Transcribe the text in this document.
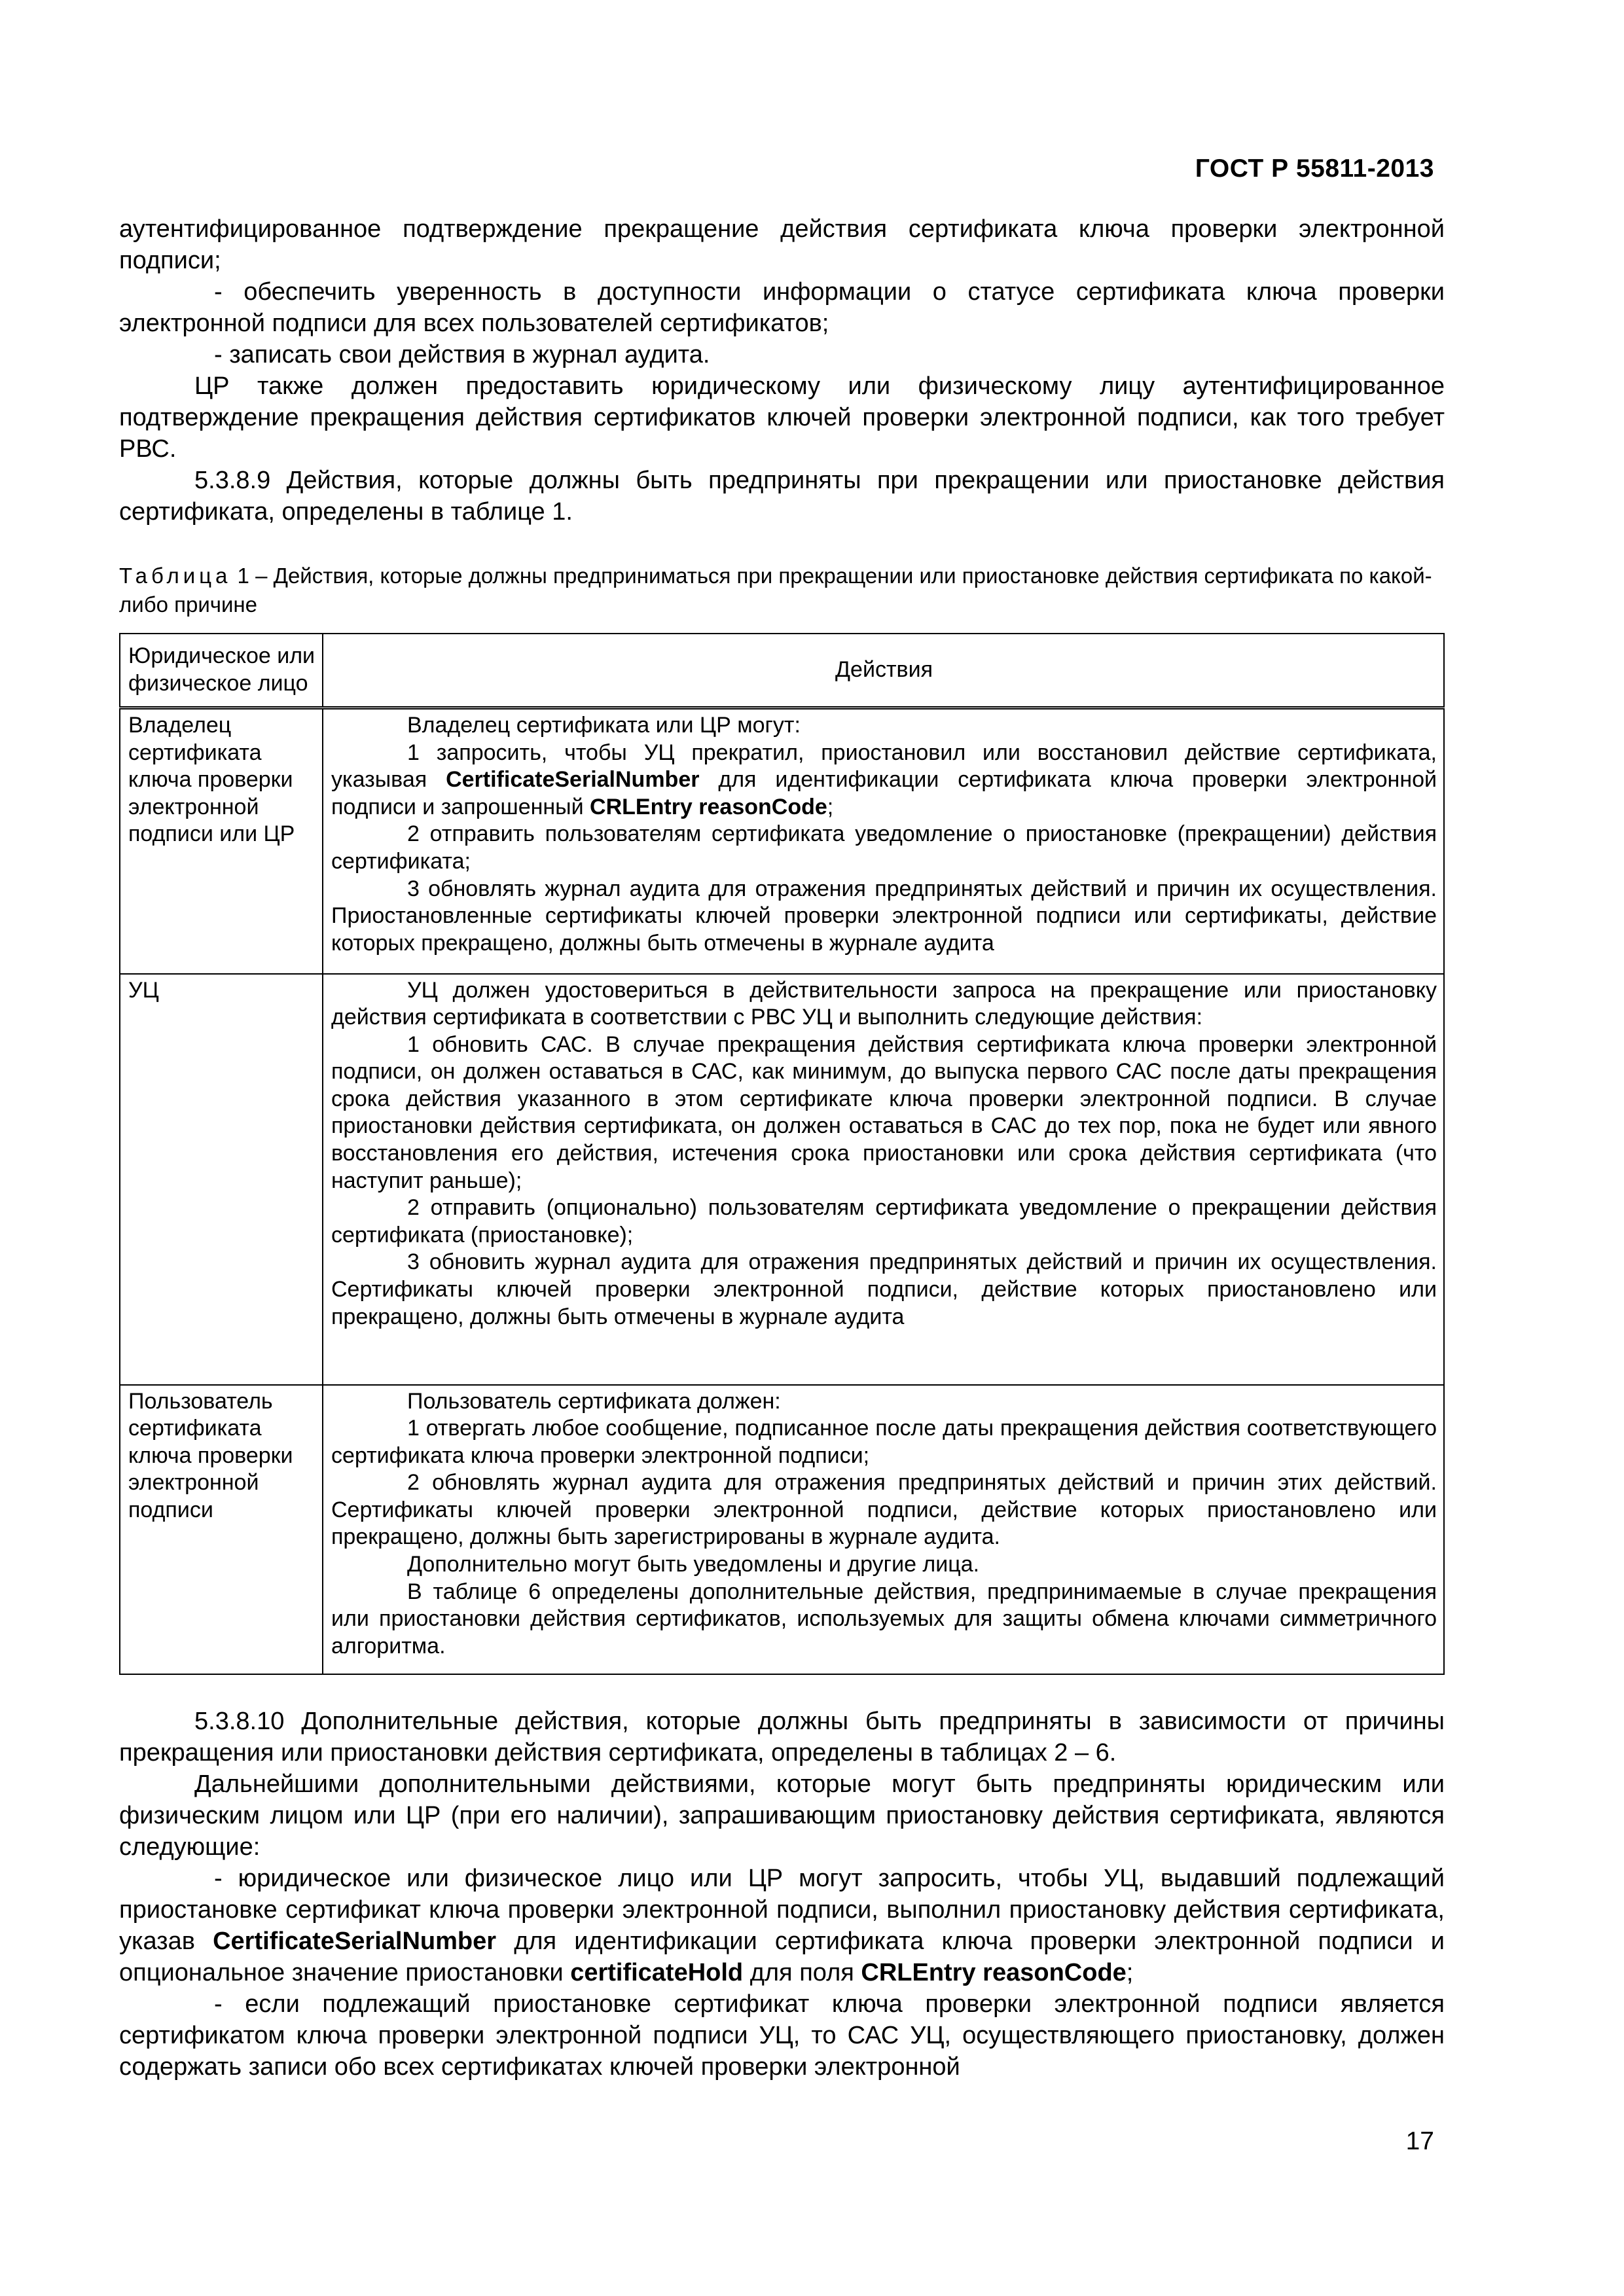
ГОСТ Р 55811-2013

аутентифицированное подтверждение прекращение действия сертификата ключа проверки электронной подписи;

- обеспечить уверенность в доступности информации о статусе сертификата ключа проверки электронной подписи для всех пользователей сертификатов;

- записать свои действия в журнал аудита.

ЦР также должен предоставить юридическому или физическому лицу аутентифицированное подтверждение прекращения действия сертификатов ключей проверки электронной подписи, как того требует РВС.

5.3.8.9 Действия, которые должны быть предприняты при прекращении или приостановке действия сертификата, определены в таблице 1.

Таблица 1 – Действия, которые должны предприниматься при прекращении или приостановке действия сертификата по какой-либо причине
Юридическое или физическое лицо	Действия
Владелец сертификата ключа проверки электронной подписи или ЦР	Владелец сертификата или ЦР могут:

1 запросить, чтобы УЦ прекратил, приостановил или восстановил действие сертификата, указывая CertificateSerialNumber для идентификации сертификата ключа проверки электронной подписи и запрошенный CRLEntry reasonCode;

2 отправить пользователям сертификата уведомление о приостановке (прекращении) действия сертификата;

3 обновлять журнал аудита для отражения предпринятых действий и причин их осуществления. Приостановленные сертификаты ключей проверки электронной подписи или сертификаты, действие которых прекращено, должны быть отмечены в журнале аудита

УЦ	УЦ должен удостовериться в действительности запроса на прекращение или приостановку действия сертификата в соответствии с РВС УЦ и выполнить следующие действия:

1 обновить САС. В случае прекращения действия сертификата ключа проверки электронной подписи, он должен оставаться в САС, как минимум, до выпуска первого САС после даты прекращения срока действия указанного в этом сертификате ключа проверки электронной подписи. В случае приостановки действия сертификата, он должен оставаться в САС до тех пор, пока не будет или явного восстановления его действия, истечения срока приостановки или срока действия сертификата (что наступит раньше);

2 отправить (опционально) пользователям сертификата уведомление о прекращении действия сертификата (приостановке);

3 обновить журнал аудита для отражения предпринятых действий и причин их осуществления. Сертификаты ключей проверки электронной подписи, действие которых приостановлено или прекращено, должны быть отмечены в журнале аудита

Пользователь сертификата ключа проверки электронной подписи	Пользователь сертификата должен:

1 отвергать любое сообщение, подписанное после даты прекращения действия соответствующего сертификата ключа проверки электронной подписи;

2 обновлять журнал аудита для отражения предпринятых действий и причин этих действий. Сертификаты ключей проверки электронной подписи, действие которых приостановлено или прекращено, должны быть зарегистрированы в журнале аудита.

Дополнительно могут быть уведомлены и другие лица.

В таблице 6 определены дополнительные действия, предпринимаемые в случае прекращения или приостановки действия сертификатов, используемых для защиты обмена ключами симметричного алгоритма.

5.3.8.10 Дополнительные действия, которые должны быть предприняты в зависимости от причины прекращения или приостановки действия сертификата, определены в таблицах 2 – 6.

Дальнейшими дополнительными действиями, которые могут быть предприняты юридическим или физическим лицом или ЦР (при его наличии), запрашивающим приостановку действия сертификата, являются следующие:

- юридическое или физическое лицо или ЦР могут запросить, чтобы УЦ, выдавший подлежащий приостановке сертификат ключа проверки электронной подписи, выполнил приостановку действия сертификата, указав CertificateSerialNumber для идентификации сертификата ключа проверки электронной подписи и опциональное значение приостановки certificateHold для поля CRLEntry reasonCode;

- если подлежащий приостановке сертификат ключа проверки электронной подписи является сертификатом ключа проверки электронной подписи УЦ, то САС УЦ, осуществляющего приостановку, должен содержать записи обо всех сертификатах ключей проверки электронной

17
